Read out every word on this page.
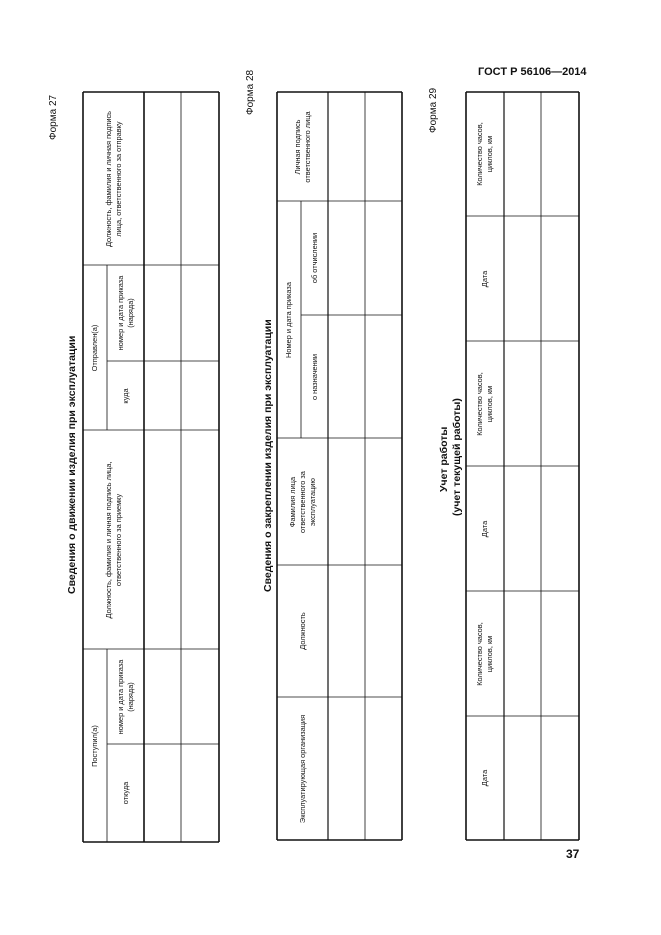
ГОСТ Р 56106—2014
Форма 27
Сведения о движении изделия при эксплуатации
Поступил(а)
откуда
номер и дата приказа (наряда)
Должность, фамилия и личная подпись лица, ответственного за приемку
Отправлен(а)
куда
номер и дата приказа (наряда)
Должность, фамилия и личная подпись лица, ответственного за отправку
Форма 28
Сведения о закреплении изделия при эксплуатации
Эксплуатирующая организация
Должность
Фамилия лица ответственного за эксплуатацию
Номер и дата приказа
о назначении
об отчислении
Личная подпись ответственного лица
Форма 29
Учет работы (учет текущей работы)
Дата
Количество часов, циклов, км
Дата
Количество часов, циклов, км
Дата
Количество часов, циклов, км
37
